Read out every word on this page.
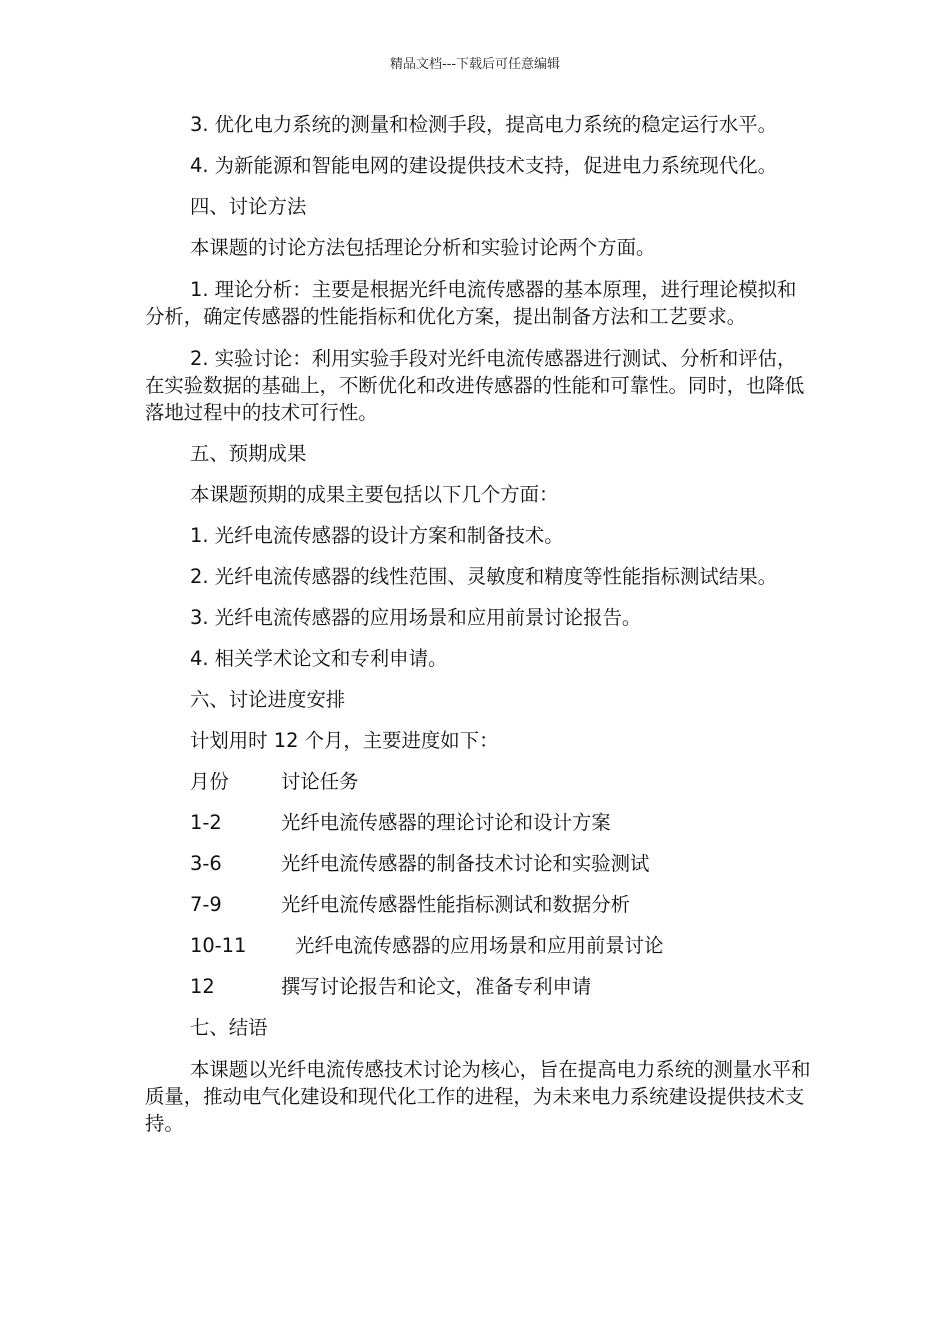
精品文档---下载后可任意编辑
3. 优化电力系统的测量和检测手段，提高电力系统的稳定运行水平。
4. 为新能源和智能电网的建设提供技术支持，促进电力系统现代化。
四、讨论方法
本课题的讨论方法包括理论分析和实验讨论两个方面。
1. 理论分析：主要是根据光纤电流传感器的基本原理，进行理论模拟和分析，确定传感器的性能指标和优化方案，提出制备方法和工艺要求。
2. 实验讨论：利用实验手段对光纤电流传感器进行测试、分析和评估，在实验数据的基础上，不断优化和改进传感器的性能和可靠性。同时，也降低落地过程中的技术可行性。
五、预期成果
本课题预期的成果主要包括以下几个方面：
1. 光纤电流传感器的设计方案和制备技术。
2. 光纤电流传感器的线性范围、灵敏度和精度等性能指标测试结果。
3. 光纤电流传感器的应用场景和应用前景讨论报告。
4. 相关学术论文和专利申请。
六、讨论进度安排
计划用时 12 个月，主要进度如下：
月份	讨论任务
1-2	光纤电流传感器的理论讨论和设计方案
3-6	光纤电流传感器的制备技术讨论和实验测试
7-9	光纤电流传感器性能指标测试和数据分析
10-11	光纤电流传感器的应用场景和应用前景讨论
12	撰写讨论报告和论文，准备专利申请
七、结语
本课题以光纤电流传感技术讨论为核心，旨在提高电力系统的测量水平和质量，推动电气化建设和现代化工作的进程，为未来电力系统建设提供技术支持。
